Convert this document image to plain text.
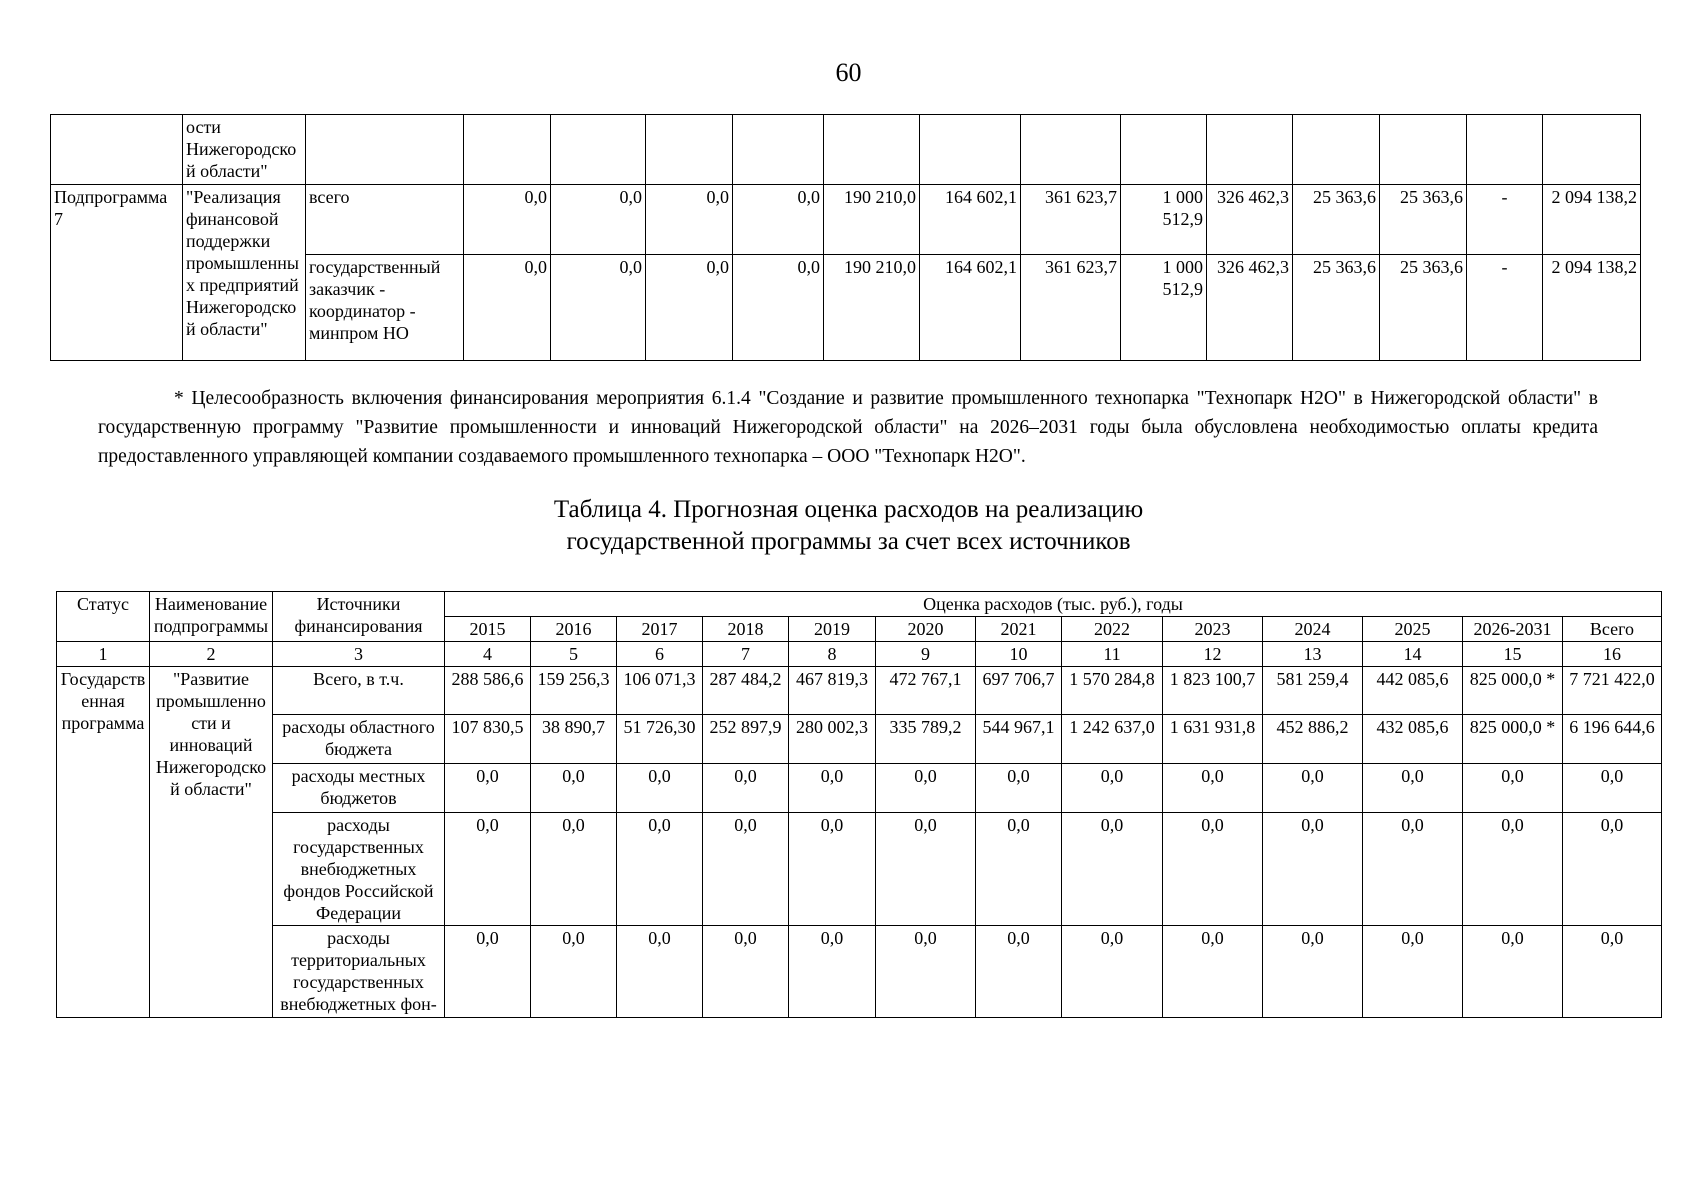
60
	ости Нижегородской области"														
Подпрограмма 7	"Реализация финансовой поддержки промышленных предприятий Нижегородской области"	всего	0,0	0,0	0,0	0,0	190 210,0	164 602,1	361 623,7	1 000 512,9	326 462,3	25 363,6	25 363,6	-	2 094 138,2
		государственный заказчик - координатор - минпром НО	0,0	0,0	0,0	0,0	190 210,0	164 602,1	361 623,7	1 000 512,9	326 462,3	25 363,6	25 363,6	-	2 094 138,2
* Целесообразность включения финансирования мероприятия 6.1.4 "Создание и развитие промышленного технопарка "Технопарк Н2О" в Нижегородской области" в государственную программу "Развитие промышленности и инноваций Нижегородской области" на 2026–2031 годы была обусловлена необходимостью оплаты кредита предоставленного управляющей компании создаваемого промышленного технопарка – ООО "Технопарк Н2О".
Таблица 4. Прогнозная оценка расходов на реализацию
государственной программы за счет всех источников
Статус	Наименование подпрограммы	Источники финансирования	Оценка расходов (тыс. руб.), годы												
			2015	2016	2017	2018	2019	2020	2021	2022	2023	2024	2025	2026-2031	Всего
1	2	3	4	5	6	7	8	9	10	11	12	13	14	15	16
Государственная программа	"Развитие промышленности и инноваций Нижегородской области"	Всего, в т.ч.	288 586,6	159 256,3	106 071,3	287 484,2	467 819,3	472 767,1	697 706,7	1 570 284,8	1 823 100,7	581 259,4	442 085,6	825 000,0 *	7 721 422,0
		расходы областного бюджета	107 830,5	38 890,7	51 726,30	252 897,9	280 002,3	335 789,2	544 967,1	1 242 637,0	1 631 931,8	452 886,2	432 085,6	825 000,0 *	6 196 644,6
		расходы местных бюджетов	0,0	0,0	0,0	0,0	0,0	0,0	0,0	0,0	0,0	0,0	0,0	0,0	0,0
		расходы государственных внебюджетных фондов Российской Федерации	0,0	0,0	0,0	0,0	0,0	0,0	0,0	0,0	0,0	0,0	0,0	0,0	0,0
		расходы территориальных государственных внебюджетных фон-	0,0	0,0	0,0	0,0	0,0	0,0	0,0	0,0	0,0	0,0	0,0	0,0	0,0
